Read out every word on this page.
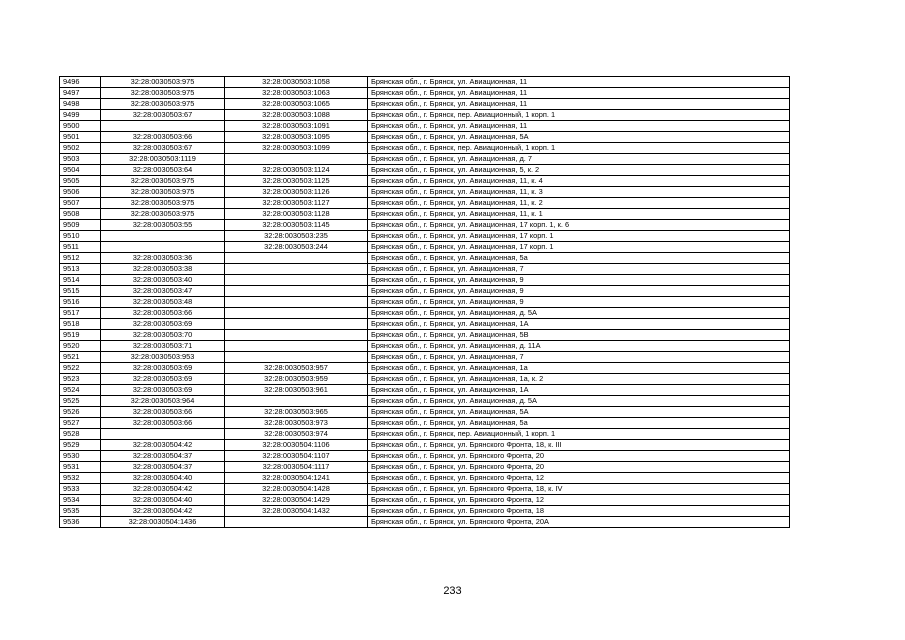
9496	32:28:0030503:975	32:28:0030503:1058	Брянская обл., г. Брянск, ул. Авиационная, 11
9497	32:28:0030503:975	32:28:0030503:1063	Брянская обл., г. Брянск, ул. Авиационная, 11
9498	32:28:0030503:975	32:28:0030503:1065	Брянская обл., г. Брянск, ул. Авиационная, 11
9499	32:28:0030503:67	32:28:0030503:1088	Брянская обл., г. Брянск, пер. Авиационный, 1 корп. 1
9500		32:28:0030503:1091	Брянская обл., г. Брянск, ул. Авиационная, 11
9501	32:28:0030503:66	32:28:0030503:1095	Брянская обл., г. Брянск, ул. Авиационная, 5А
9502	32:28:0030503:67	32:28:0030503:1099	Брянская обл., г. Брянск, пер. Авиационный, 1 корп. 1
9503	32:28:0030503:1119		Брянская обл., г. Брянск, ул. Авиационная, д. 7
9504	32:28:0030503:64	32:28:0030503:1124	Брянская обл., г. Брянск, ул. Авиационная, 5, к. 2
9505	32:28:0030503:975	32:28:0030503:1125	Брянская обл., г. Брянск, ул. Авиационная, 11, к. 4
9506	32:28:0030503:975	32:28:0030503:1126	Брянская обл., г. Брянск, ул. Авиационная, 11, к. 3
9507	32:28:0030503:975	32:28:0030503:1127	Брянская обл., г. Брянск, ул. Авиационная, 11, к. 2
9508	32:28:0030503:975	32:28:0030503:1128	Брянская обл., г. Брянск, ул. Авиационная, 11, к. 1
9509	32:28:0030503:55	32:28:0030503:1145	Брянская обл., г. Брянск, ул. Авиационная, 17 корп. 1, к. 6
9510		32:28:0030503:235	Брянская обл., г. Брянск, ул. Авиационная, 17 корп. 1
9511		32:28:0030503:244	Брянская обл., г. Брянск, ул. Авиационная, 17 корп. 1
9512	32:28:0030503:36		Брянская обл., г. Брянск, ул. Авиационная, 5а
9513	32:28:0030503:38		Брянская обл., г. Брянск, ул. Авиационная, 7
9514	32:28:0030503:40		Брянская обл., г. Брянск, ул. Авиационная, 9
9515	32:28:0030503:47		Брянская обл., г. Брянск, ул. Авиационная, 9
9516	32:28:0030503:48		Брянская обл., г. Брянск, ул. Авиационная, 9
9517	32:28:0030503:66		Брянская обл., г. Брянск, ул. Авиационная, д. 5А
9518	32:28:0030503:69		Брянская обл., г. Брянск, ул. Авиационная, 1А
9519	32:28:0030503:70		Брянская обл., г. Брянск, ул. Авиационная, 5В
9520	32:28:0030503:71		Брянская обл., г. Брянск, ул. Авиационная, д. 11А
9521	32:28:0030503:953		Брянская обл., г. Брянск, ул. Авиационная, 7
9522	32:28:0030503:69	32:28:0030503:957	Брянская обл., г. Брянск, ул. Авиационная, 1а
9523	32:28:0030503:69	32:28:0030503:959	Брянская обл., г. Брянск, ул. Авиационная, 1а, к. 2
9524	32:28:0030503:69	32:28:0030503:961	Брянская обл., г. Брянск, ул. Авиационная, 1А
9525	32:28:0030503:964		Брянская обл., г. Брянск, ул. Авиационная, д. 5А
9526	32:28:0030503:66	32:28:0030503:965	Брянская обл., г. Брянск, ул. Авиационная, 5А
9527	32:28:0030503:66	32:28:0030503:973	Брянская обл., г. Брянск, ул. Авиационная, 5а
9528		32:28:0030503:974	Брянская обл., г. Брянск, пер. Авиационный, 1 корп. 1
9529	32:28:0030504:42	32:28:0030504:1106	Брянская обл., г. Брянск, ул. Брянского Фронта, 18, к. III
9530	32:28:0030504:37	32:28:0030504:1107	Брянская обл., г. Брянск, ул. Брянского Фронта, 20
9531	32:28:0030504:37	32:28:0030504:1117	Брянская обл., г. Брянск, ул. Брянского Фронта, 20
9532	32:28:0030504:40	32:28:0030504:1241	Брянская обл., г. Брянск, ул. Брянского Фронта, 12
9533	32:28:0030504:42	32:28:0030504:1428	Брянская обл., г. Брянск, ул. Брянского Фронта, 18, к. IV
9534	32:28:0030504:40	32:28:0030504:1429	Брянская обл., г. Брянск, ул. Брянского Фронта, 12
9535	32:28:0030504:42	32:28:0030504:1432	Брянская обл., г. Брянск, ул. Брянского Фронта, 18
9536	32:28:0030504:1436		Брянская обл., г. Брянск, ул. Брянского Фронта, 20А
233
